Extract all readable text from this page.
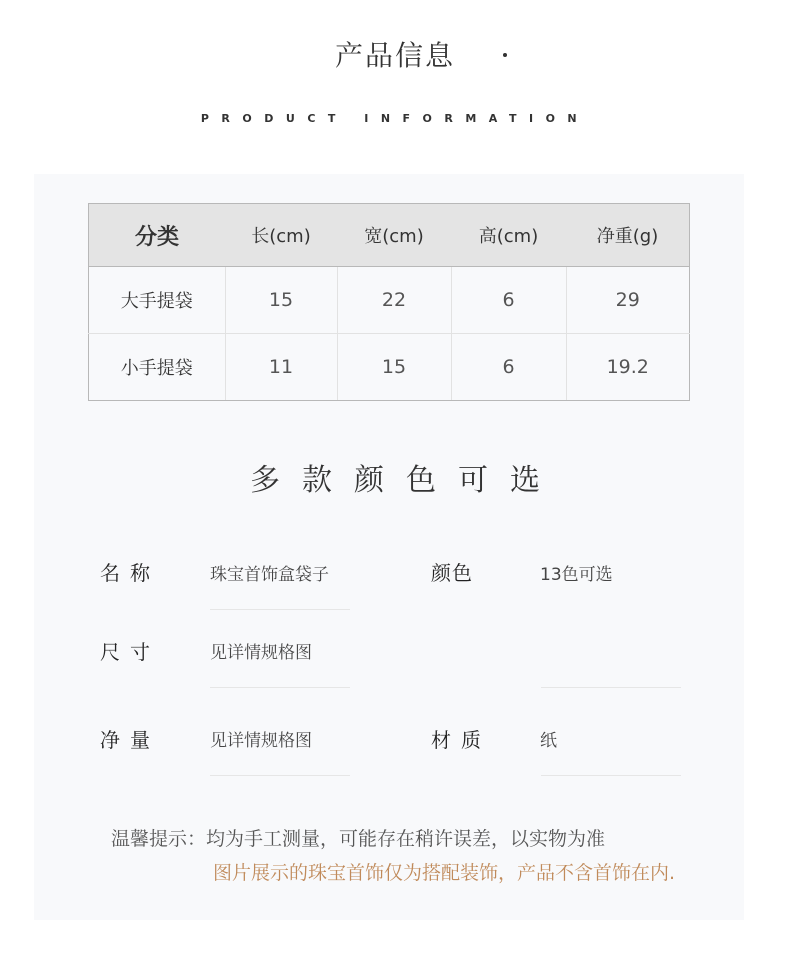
产品信息
PRODUCT INFORMATION
分类	长(cm)	宽(cm)	高(cm)	净重(g)
大手提袋	15	22	6	29
小手提袋	11	15	6	19.2
多款颜色可选
名称	珠宝首饰盒袋子	颜色	13色可选
尺寸	见详情规格图
净量	见详情规格图	材质	纸
温馨提示：均为手工测量，可能存在稍许误差，以实物为准
图片展示的珠宝首饰仅为搭配装饰，产品不含首饰在内.
